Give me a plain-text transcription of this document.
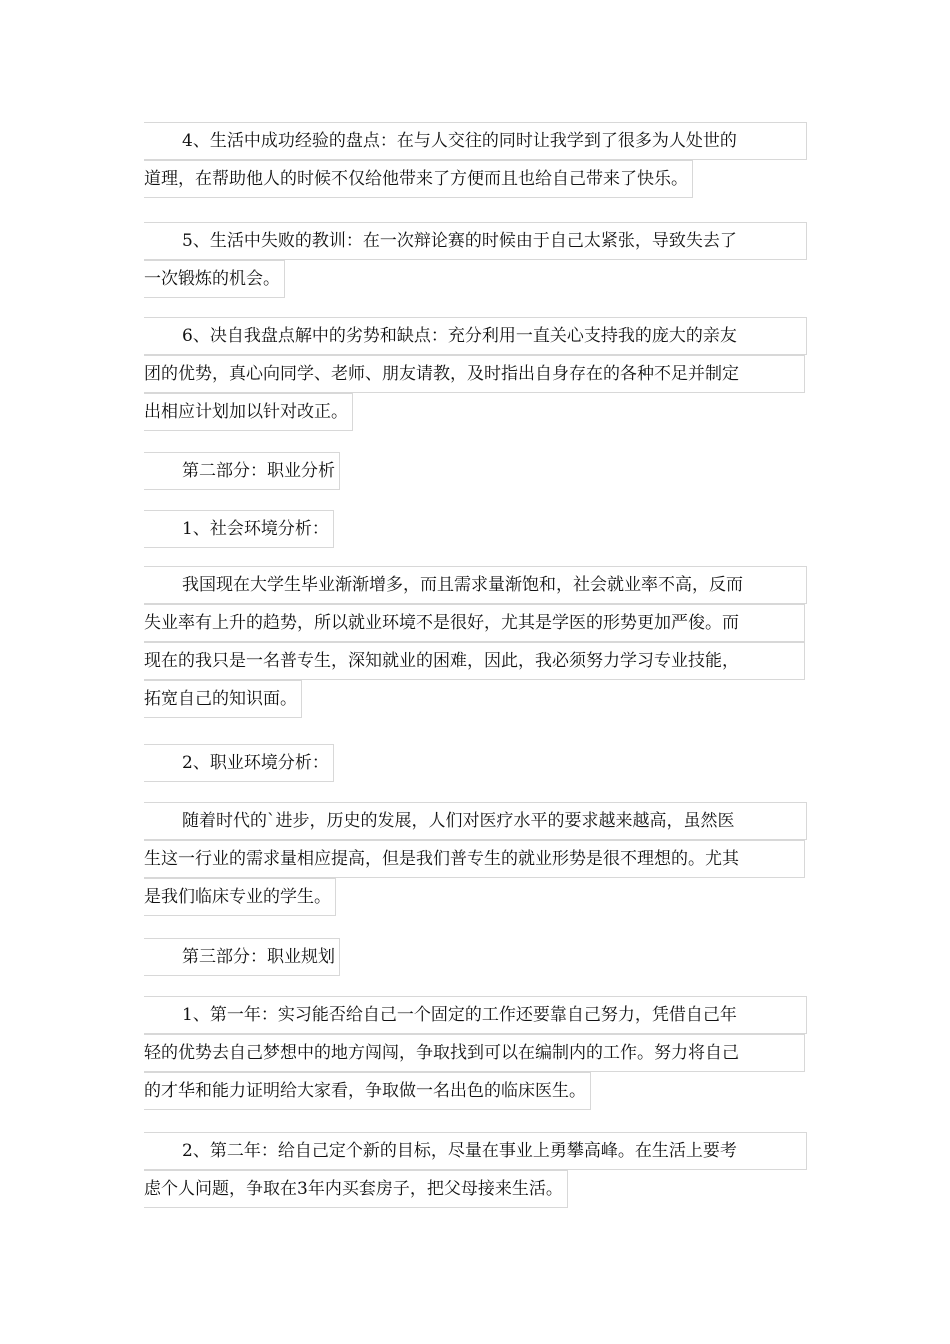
4、生活中成功经验的盘点：在与人交往的同时让我学到了很多为人处世的
道理，在帮助他人的时候不仅给他带来了方便而且也给自己带来了快乐。
5、生活中失败的教训：在一次辩论赛的时候由于自己太紧张，导致失去了
一次锻炼的机会。
6、决自我盘点解中的劣势和缺点：充分利用一直关心支持我的庞大的亲友
团的优势，真心向同学、老师、朋友请教，及时指出自身存在的各种不足并制定
出相应计划加以针对改正。
第二部分：职业分析
1、社会环境分析：
我国现在大学生毕业渐渐增多，而且需求量渐饱和，社会就业率不高，反而
失业率有上升的趋势，所以就业环境不是很好，尤其是学医的形势更加严俊。而
现在的我只是一名普专生，深知就业的困难，因此，我必须努力学习专业技能，
拓宽自己的知识面。
2、职业环境分析：
随着时代的`进步，历史的发展，人们对医疗水平的要求越来越高，虽然医
生这一行业的需求量相应提高，但是我们普专生的就业形势是很不理想的。尤其
是我们临床专业的学生。
第三部分：职业规划
1、第一年：实习能否给自己一个固定的工作还要靠自己努力，凭借自己年
轻的优势去自己梦想中的地方闯闯，争取找到可以在编制内的工作。努力将自己
的才华和能力证明给大家看，争取做一名出色的临床医生。
2、第二年：给自己定个新的目标，尽量在事业上勇攀高峰。在生活上要考
虑个人问题，争取在3年内买套房子，把父母接来生活。
